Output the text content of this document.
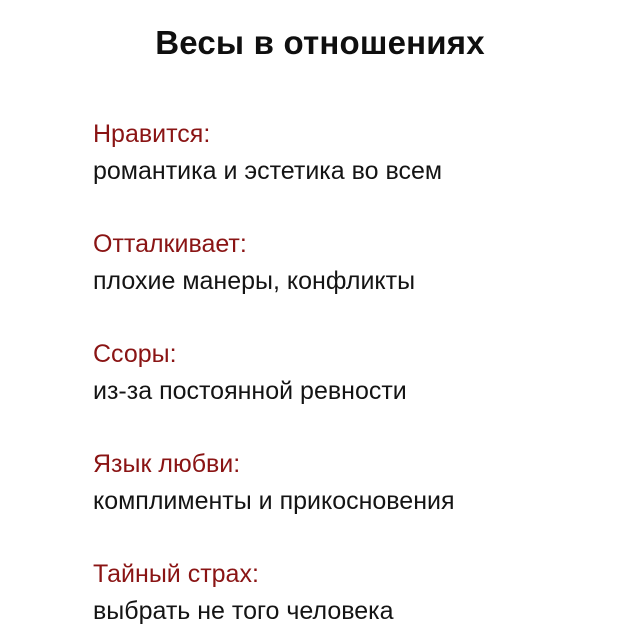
Весы в отношениях
Нравится:
романтика и эстетика во всем
Отталкивает:
плохие манеры, конфликты
Ссоры:
из-за постоянной ревности
Язык любви:
комплименты и прикосновения
Тайный страх:
выбрать не того человека
